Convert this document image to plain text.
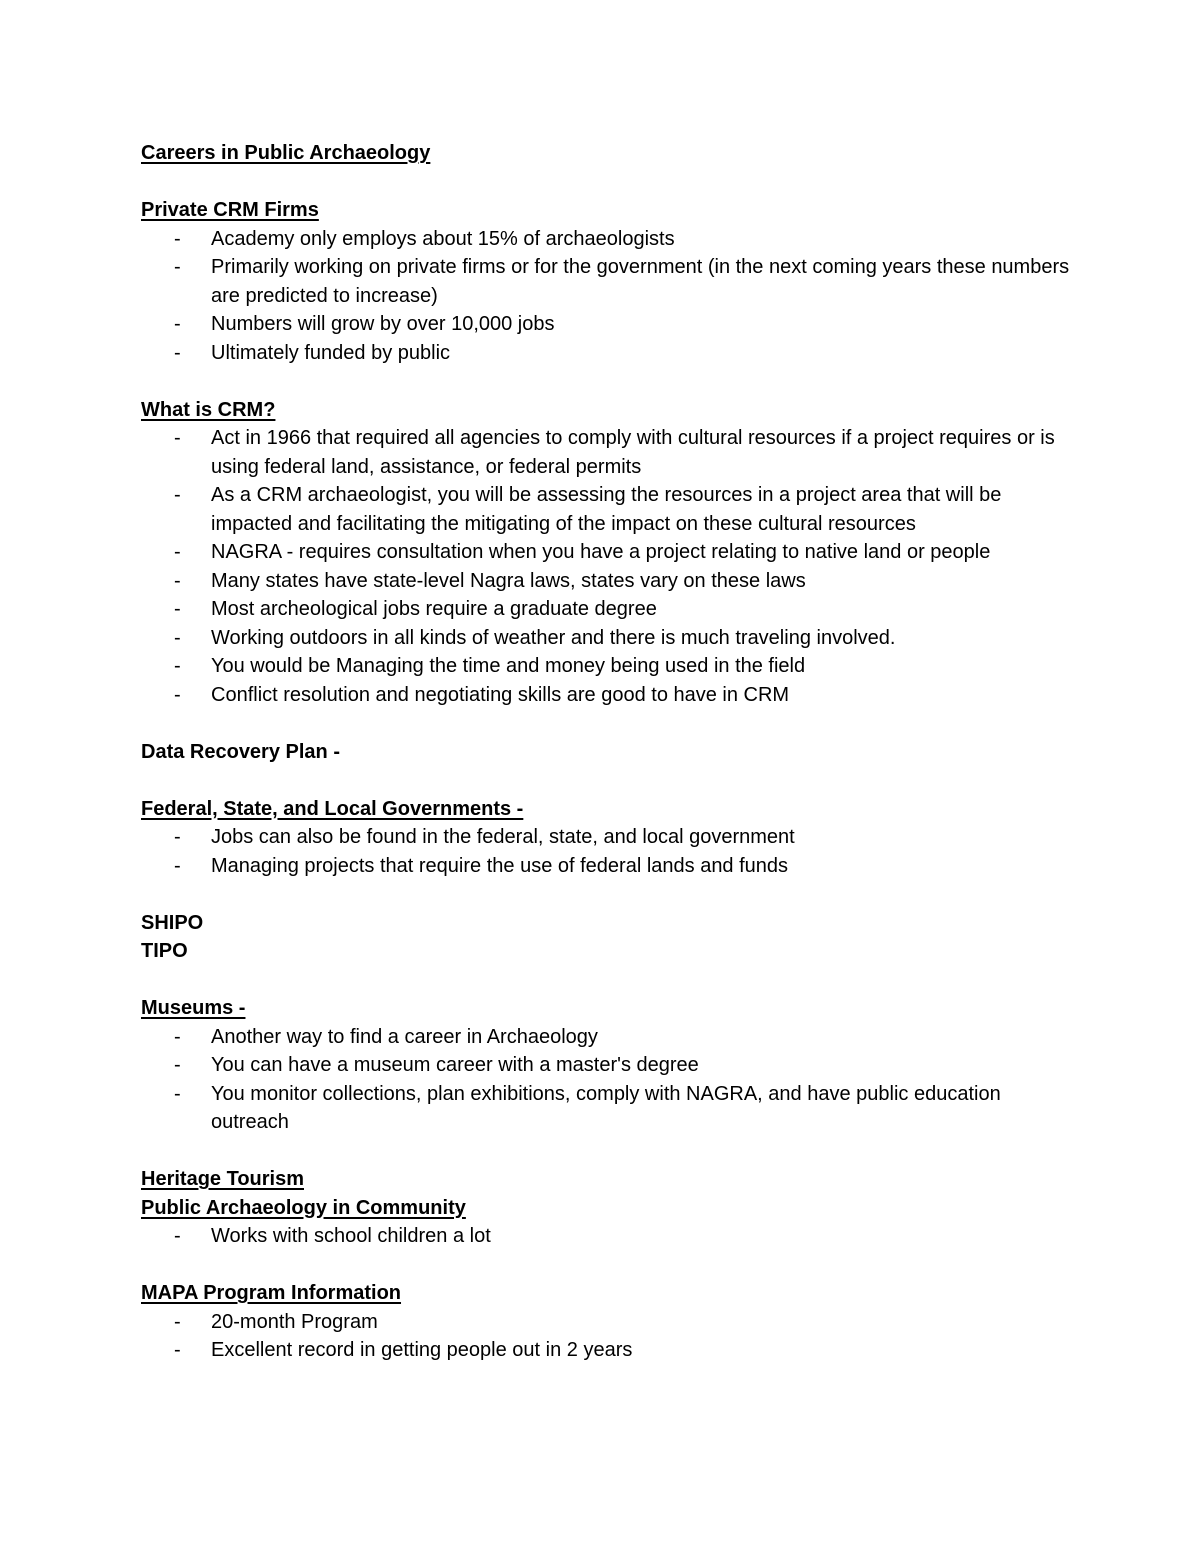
Careers in Public Archaeology
Private CRM Firms
- Academy only employs about 15% of archaeologists
- Primarily working on private firms or for the government (in the next coming years these numbers are predicted to increase)
- Numbers will grow by over 10,000 jobs
- Ultimately funded by public
What is CRM?
- Act in 1966 that required all agencies to comply with cultural resources if a project requires or is using federal land, assistance, or federal permits
- As a CRM archaeologist, you will be assessing the resources in a project area that will be impacted and facilitating the mitigating of the impact on these cultural resources
- NAGRA - requires consultation when you have a project relating to native land or people
- Many states have state-level Nagra laws, states vary on these laws
- Most archeological jobs require a graduate degree
- Working outdoors in all kinds of weather and there is much traveling involved.
- You would be Managing the time and money being used in the field
- Conflict resolution and negotiating skills are good to have in CRM
Data Recovery Plan -
Federal, State, and Local Governments -
- Jobs can also be found in the federal, state, and local government
- Managing projects that require the use of federal lands and funds
SHIPO
TIPO
Museums -
- Another way to find a career in Archaeology
- You can have a museum career with a master's degree
- You monitor collections, plan exhibitions, comply with NAGRA, and have public education outreach
Heritage Tourism
Public Archaeology in Community
- Works with school children a lot
MAPA Program Information
- 20-month Program
- Excellent record in getting people out in 2 years
